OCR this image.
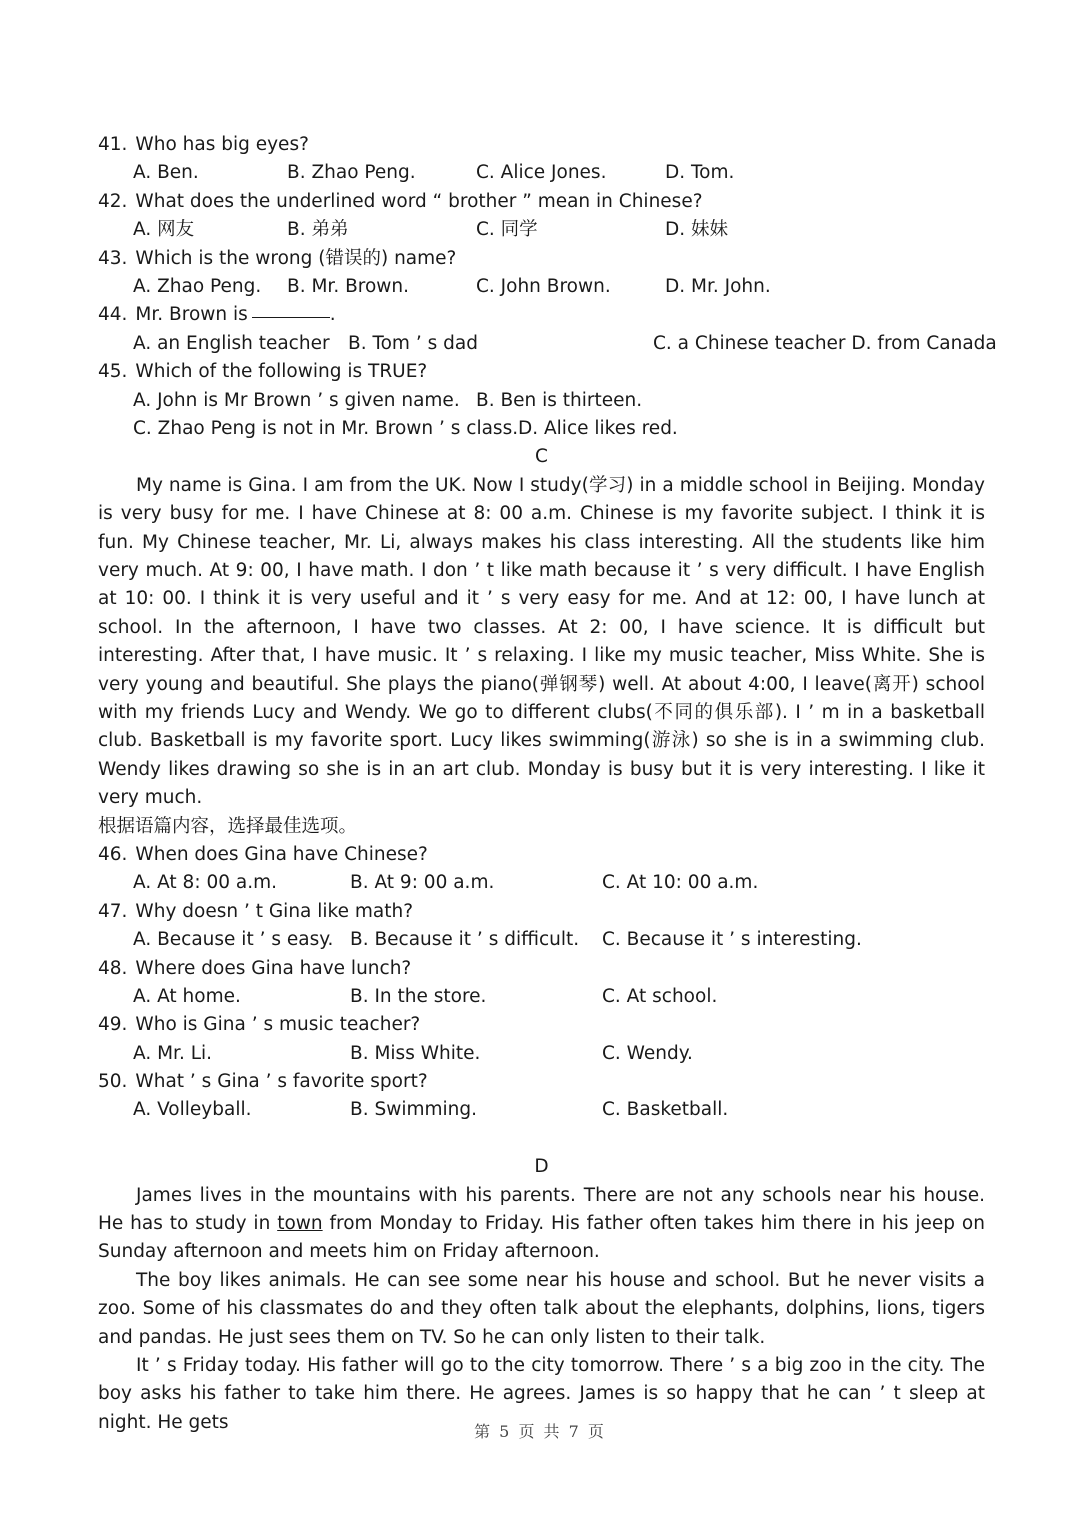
41. Who has big eyes?
A. Ben.	B. Zhao Peng.	C. Alice Jones.	D. Tom.
42. What does the underlined word “ brother ” mean in Chinese?
A. 网友	B. 弟弟	C. 同学	D. 妹妹
43. Which is the wrong (错误的) name?
A. Zhao Peng. B. Mr. Brown.	C. John Brown.	D. Mr. John.
44. Mr. Brown is	.
A. an English teacher B. Tom ’ s dad	C. a Chinese teacher D. from Canada
45. Which of the following is TRUE?
A. John is Mr Brown ’ s given name. B. Ben is thirteen.
C. Zhao Peng is not in Mr. Brown ’ s class. D. Alice likes red.
C

My name is Gina. I am from the UK. Now I study(学习) in a middle school in Beijing. Monday is very busy for me. I have Chinese at 8: 00 a.m. Chinese is my favorite subject. I think it is fun. My Chinese teacher, Mr. Li, always makes his class interesting. All the students like him very much. At 9: 00, I have math. I don ’ t like math because it ’ s very difficult. I have English at 10: 00. I think it is very useful and it ’ s very easy for me. And at 12: 00, I have lunch at school. In the afternoon, I have two classes. At 2: 00, I have science. It is difficult but interesting. After that, I have music. It ’ s relaxing. I like my music teacher, Miss White. She is very young and beautiful. She plays the piano(弹钢琴) well. At about 4:00, I leave(离开) school with my friends Lucy and Wendy. We go to different clubs(不同的俱乐部). I ’ m in a basketball club. Basketball is my favorite sport. Lucy likes swimming(游泳) so she is in a swimming club. Wendy likes drawing so she is in an art club. Monday is busy but it is very interesting. I like it very much.

根据语篇内容，选择最佳选项。
46. When does Gina have Chinese?
A. At 8: 00 a.m.	B. At 9: 00 a.m.	C. At 10: 00 a.m.
47. Why doesn ’ t Gina like math?
A. Because it ’ s easy. B. Because it ’ s difficult. C. Because it ’ s interesting.
48. Where does Gina have lunch?
A. At home.	B. In the store.	C. At school.
49. Who is Gina ’ s music teacher?
A. Mr. Li.	B. Miss White.	C. Wendy.
50. What ’ s Gina ’ s favorite sport?
A. Volleyball.	B. Swimming.	C. Basketball.
D

James lives in the mountains with his parents. There are not any schools near his house. He has to study in town from Monday to Friday. His father often takes him there in his jeep on Sunday afternoon and meets him on Friday afternoon.

The boy likes animals. He can see some near his house and school. But he never visits a zoo. Some of his classmates do and they often talk about the elephants, dolphins, lions, tigers and pandas. He just sees them on TV. So he can only listen to their talk.

It ’ s Friday today. His father will go to the city tomorrow. There ’ s a big zoo in the city. The boy asks his father to take him there. He agrees. James is so happy that he can ’ t sleep at night. He gets	第 5 页 共 7 页
